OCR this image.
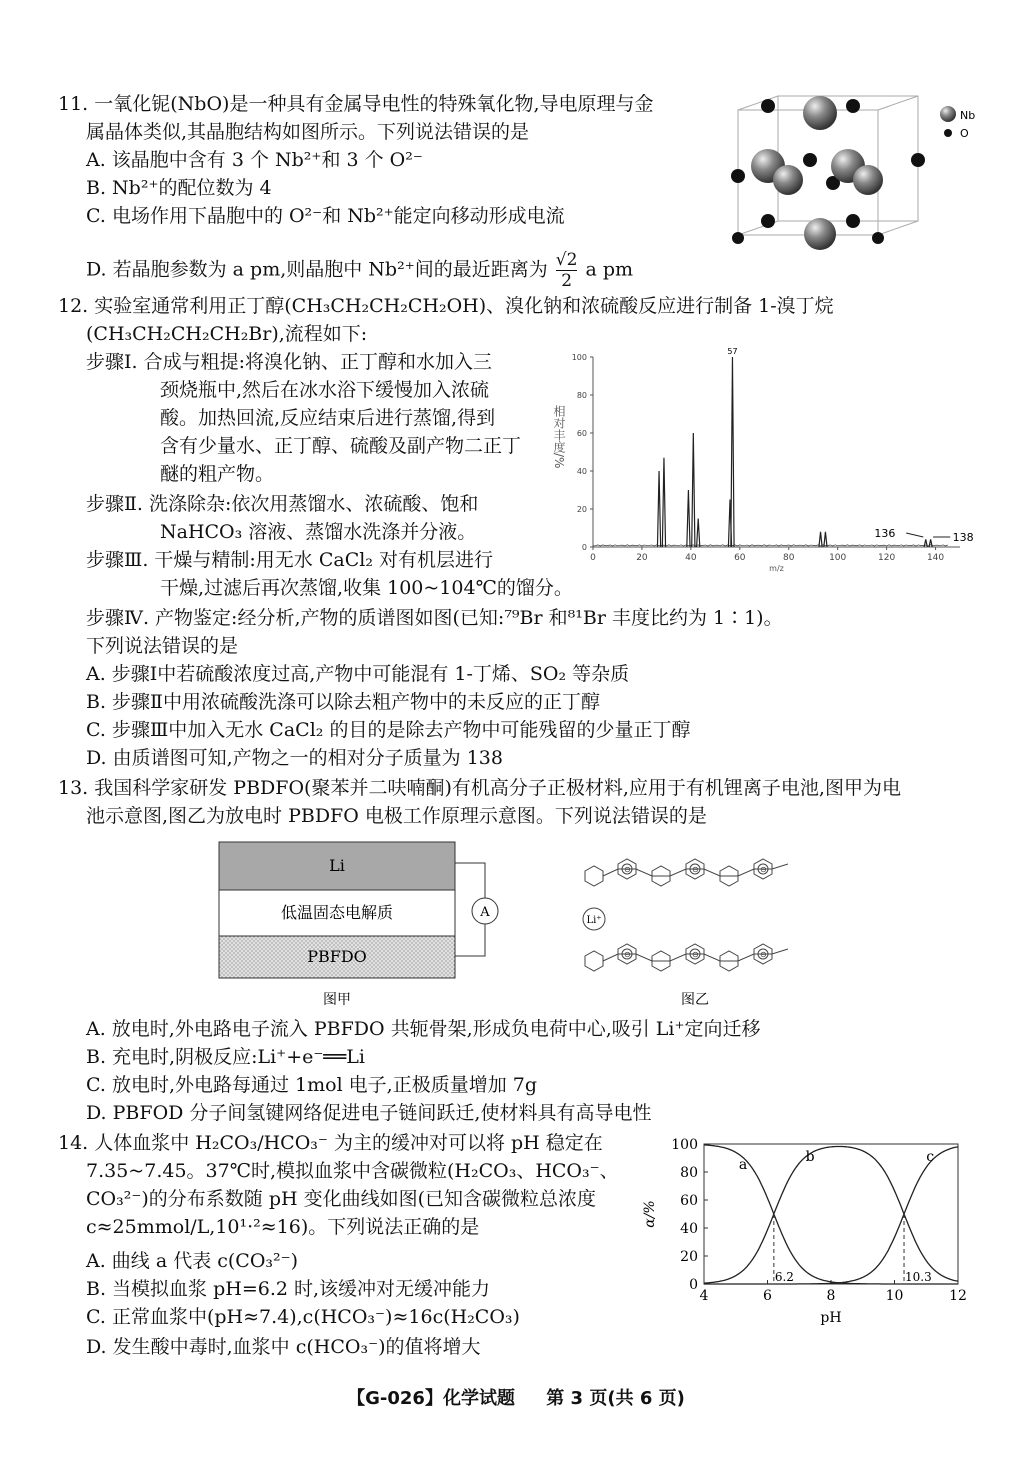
11. 一氧化铌(NbO)是一种具有金属导电性的特殊氧化物,导电原理与金
属晶体类似,其晶胞结构如图所示。下列说法错误的是
A. 该晶胞中含有 3 个 Nb²⁺和 3 个 O²⁻
B. Nb²⁺的配位数为 4
C. 电场作用下晶胞中的 O²⁻和 Nb²⁺能定向移动形成电流
D. 若晶胞参数为 a pm,则晶胞中 Nb²⁺间的最近距离为 $\frac{√2}{2}$ a pm
Nb
O
12. 实验室通常利用正丁醇(CH₃CH₂CH₂CH₂OH)、溴化钠和浓硫酸反应进行制备 1-溴丁烷
(CH₃CH₂CH₂CH₂Br),流程如下:
步骤Ⅰ. 合成与粗提:将溴化钠、正丁醇和水加入三
颈烧瓶中,然后在冰水浴下缓慢加入浓硫
酸。加热回流,反应结束后进行蒸馏,得到
含有少量水、正丁醇、硫酸及副产物二正丁
醚的粗产物。
步骤Ⅱ. 洗涤除杂:依次用蒸馏水、浓硫酸、饱和
NaHCO₃ 溶液、蒸馏水洗涤并分液。
步骤Ⅲ. 干燥与精制:用无水 CaCl₂ 对有机层进行
干燥,过滤后再次蒸馏,收集 100~104℃的馏分。
步骤Ⅳ. 产物鉴定:经分析,产物的质谱图如图(已知:⁷⁹Br 和⁸¹Br 丰度比约为 1∶1)。
下列说法错误的是
A. 步骤Ⅰ中若硫酸浓度过高,产物中可能混有 1-丁烯、SO₂ 等杂质
B. 步骤Ⅱ中用浓硫酸洗涤可以除去粗产物中的未反应的正丁醇
C. 步骤Ⅲ中加入无水 CaCl₂ 的目的是除去产物中可能残留的少量正丁醇
D. 由质谱图可知,产物之一的相对分子质量为 138
0	20	40	60	80	100	120	140
0
20
40
60
80
100
相对丰度/%
m/z
57
136	138
13. 我国科学家研发 PBDFO(聚苯并二呋喃酮)有机高分子正极材料,应用于有机锂离子电池,图甲为电
池示意图,图乙为放电时 PBDFO 电极工作原理示意图。下列说法错误的是
Li
低温固态电解质
PBFDO
A
图甲
⊖	⊖	⊖
⊖	⊖	⊖
Li⁺
图乙
A. 放电时,外电路电子流入 PBFDO 共轭骨架,形成负电荷中心,吸引 Li⁺定向迁移
B. 充电时,阴极反应:Li⁺+e⁻══Li
C. 放电时,外电路每通过 1mol 电子,正极质量增加 7g
D. PBFOD 分子间氢键网络促进电子链间跃迁,使材料具有高导电性
14. 人体血浆中 H₂CO₃/HCO₃⁻ 为主的缓冲对可以将 pH 稳定在
7.35~7.45。37℃时,模拟血浆中含碳微粒(H₂CO₃、HCO₃⁻、
CO₃²⁻)的分布系数随 pH 变化曲线如图(已知含碳微粒总浓度
c≈25mmol/L,10¹·²≈16)。下列说法正确的是
A. 曲线 a 代表 c(CO₃²⁻)
B. 当模拟血浆 pH=6.2 时,该缓冲对无缓冲能力
C. 正常血浆中(pH≈7.4),c(HCO₃⁻)≈16c(H₂CO₃)
D. 发生酸中毒时,血浆中 c(HCO₃⁻)的值将增大
4	6	8	10	12
0
20
40
60
80
100
α/%
pH
a
b	c
6.2	10.3
【G-026】化学试题     第 3 页(共 6 页)
